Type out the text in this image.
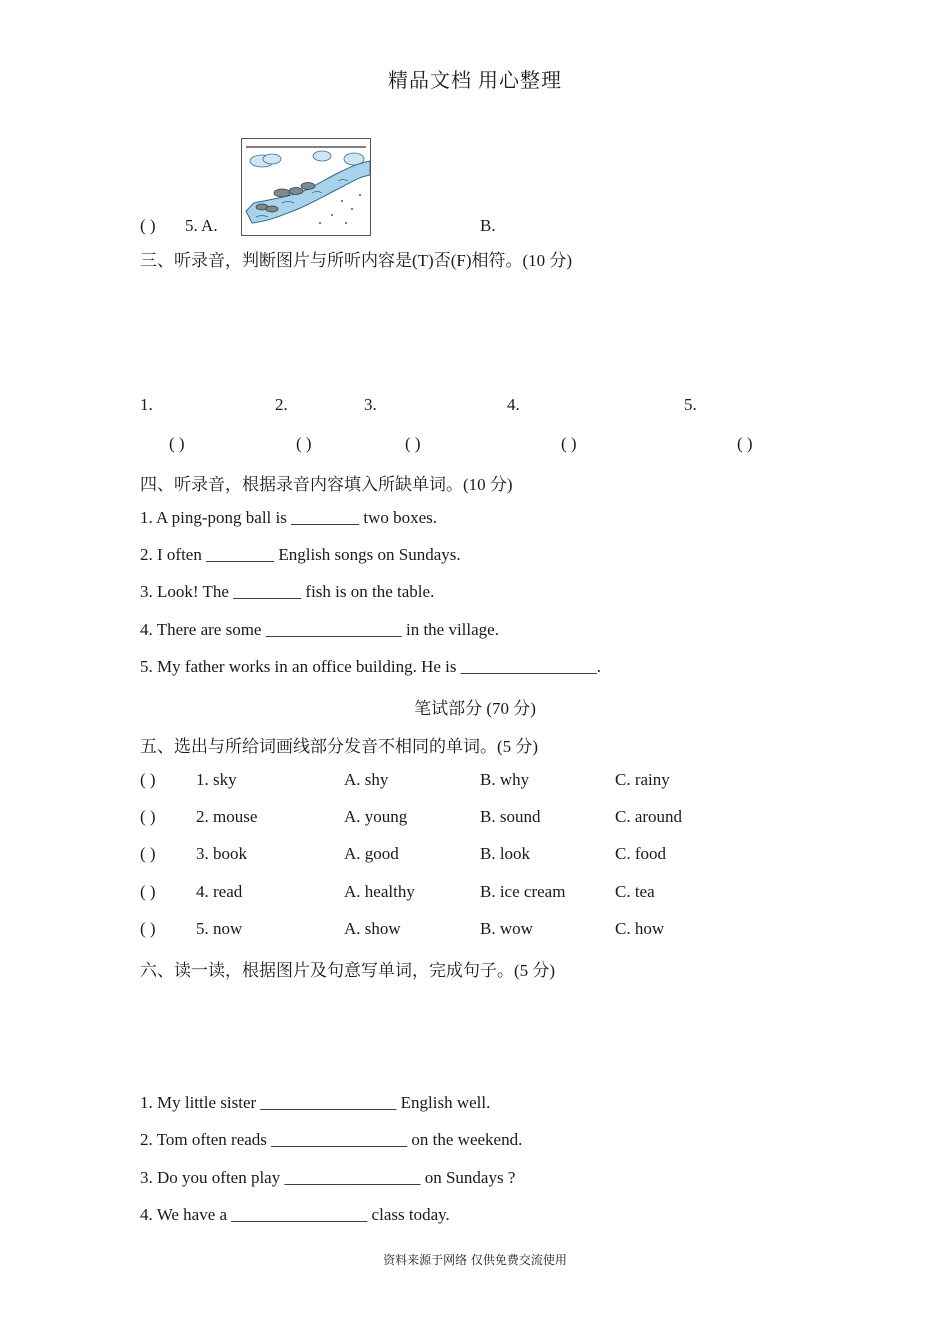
精品文档 用心整理
( ) 5. A.	B.
三、听录音，判断图片与所听内容是(T)否(F)相符。(10 分)
1.	2.	3.	4.	5.
( )	( )	( )	( )	( )
四、听录音，根据录音内容填入所缺单词。(10 分)
1. A ping-pong ball is ________ two boxes.
2. I often ________ English songs on Sundays.
3. Look! The ________ fish is on the table.
4. There are some ________________ in the village.
5. My father works in an office building. He is ________________.
笔试部分 (70 分)
五、选出与所给词画线部分发音不相同的单词。(5 分)
( ) 1. sky	A. shy	B. why	C. rainy
( ) 2. mouse	A. young	B. sound	C. around
( ) 3. book	A. good	B. look	C. food
( ) 4. read	A. healthy	B. ice cream	C. tea
( ) 5. now	A. show	B. wow	C. how
六、读一读，根据图片及句意写单词，完成句子。(5 分)
1. My little sister ________________ English well.
2. Tom often reads ________________ on the weekend.
3. Do you often play ________________ on Sundays ?
4. We have a ________________ class today.
资料来源于网络 仅供免费交流使用
